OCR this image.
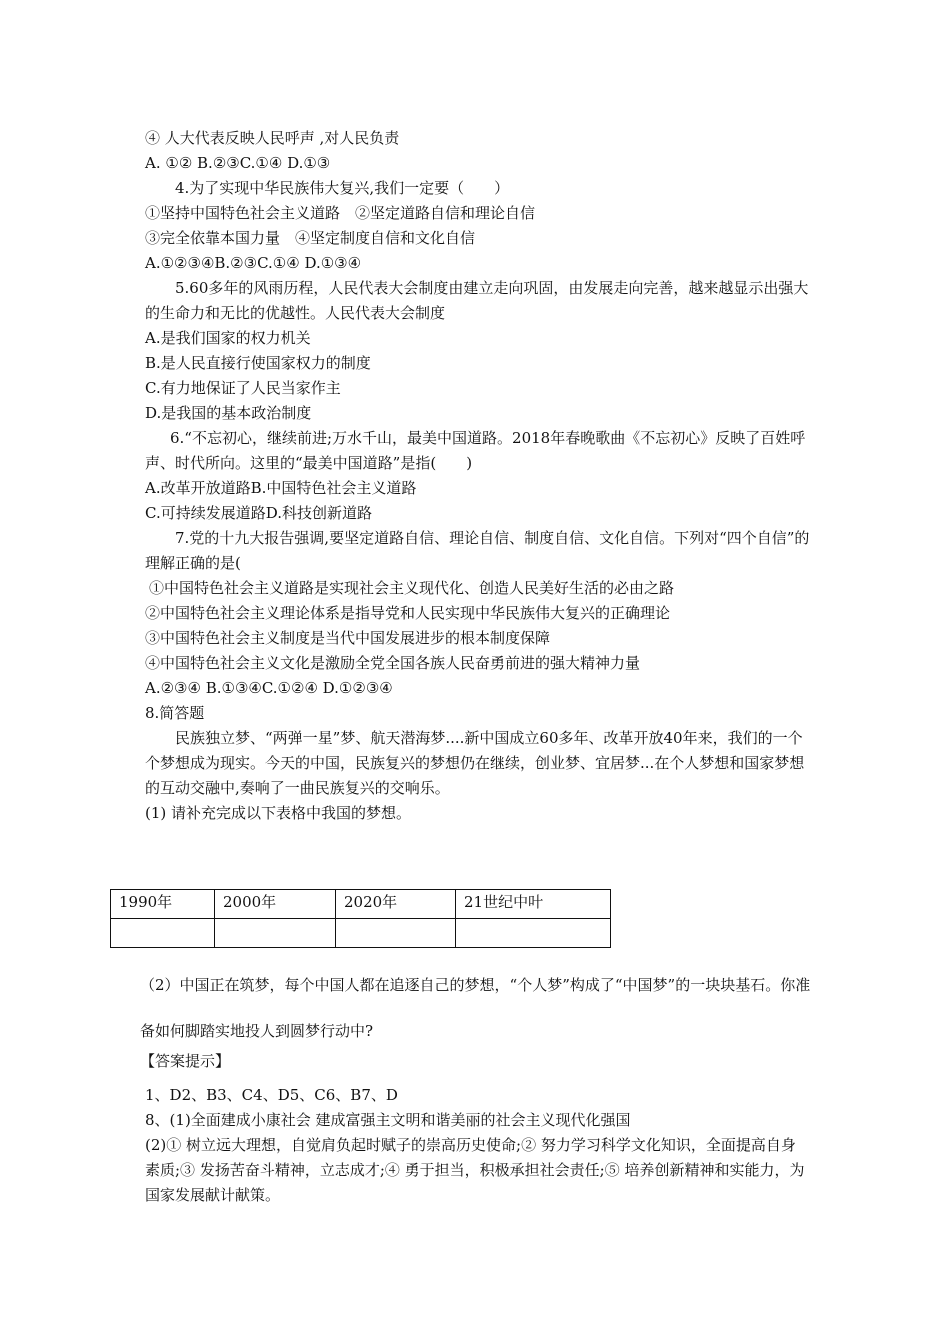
④ 人大代表反映人民呼声 ,对人民负责
A. ①② B.②③C.①④ D.①③
4.为了实现中华民族伟大复兴,我们一定要（　　）
①坚持中国特色社会主义道路　②坚定道路自信和理论自信
③完全依靠本国力量　④坚定制度自信和文化自信
A.①②③④B.②③C.①④ D.①③④
5.60多年的风雨历程，人民代表大会制度由建立走向巩固，由发展走向完善，越来越显示出强大的生命力和无比的优越性。人民代表大会制度
A.是我们国家的权力机关
B.是人民直接行使国家权力的制度
C.有力地保证了人民当家作主
D.是我国的基本政治制度
6.“不忘初心，继续前进;万水千山，最美中国道路。2018年春晚歌曲《不忘初心》反映了百姓呼声、时代所向。这里的“最美中国道路”是指(　　)
A.改革开放道路B.中国特色社会主义道路
C.可持续发展道路D.科技创新道路
7.党的十九大报告强调,要坚定道路自信、理论自信、制度自信、文化自信。下列对“四个自信”的理解正确的是(
①中国特色社会主义道路是实现社会主义现代化、创造人民美好生活的必由之路
②中国特色社会主义理论体系是指导党和人民实现中华民族伟大复兴的正确理论
③中国特色社会主义制度是当代中国发展进步的根本制度保障
④中国特色社会主义文化是激励全党全国各族人民奋勇前进的强大精神力量
A.②③④ B.①③④C.①②④ D.①②③④
8.简答题
民族独立梦、“两弹一星”梦、航天潜海梦....新中国成立60多年、改革开放40年来，我们的一个个梦想成为现实。今天的中国，民族复兴的梦想仍在继续，创业梦、宜居梦...在个人梦想和国家梦想的互动交融中,奏响了一曲民族复兴的交响乐。
(1) 请补充完成以下表格中我国的梦想。
1990年	2000年	2020年	21世纪中叶

（2）中国正在筑梦，每个中国人都在追逐自己的梦想，“个人梦”构成了“中国梦”的一块块基石。你准备如何脚踏实地投人到圆梦行动中?
【答案提示】
1、D2、B3、C4、D5、C6、B7、D
8、(1)全面建成小康社会 建成富强主文明和谐美丽的社会主义现代化强国
(2)① 树立远大理想，自觉肩负起时赋子的崇高历史使命;② 努力学习科学文化知识，全面提高自身素质;③ 发扬苦奋斗精神，立志成才;④ 勇于担当，积极承担社会责任;⑤ 培养创新精神和实能力，为国家发展献计献策。
